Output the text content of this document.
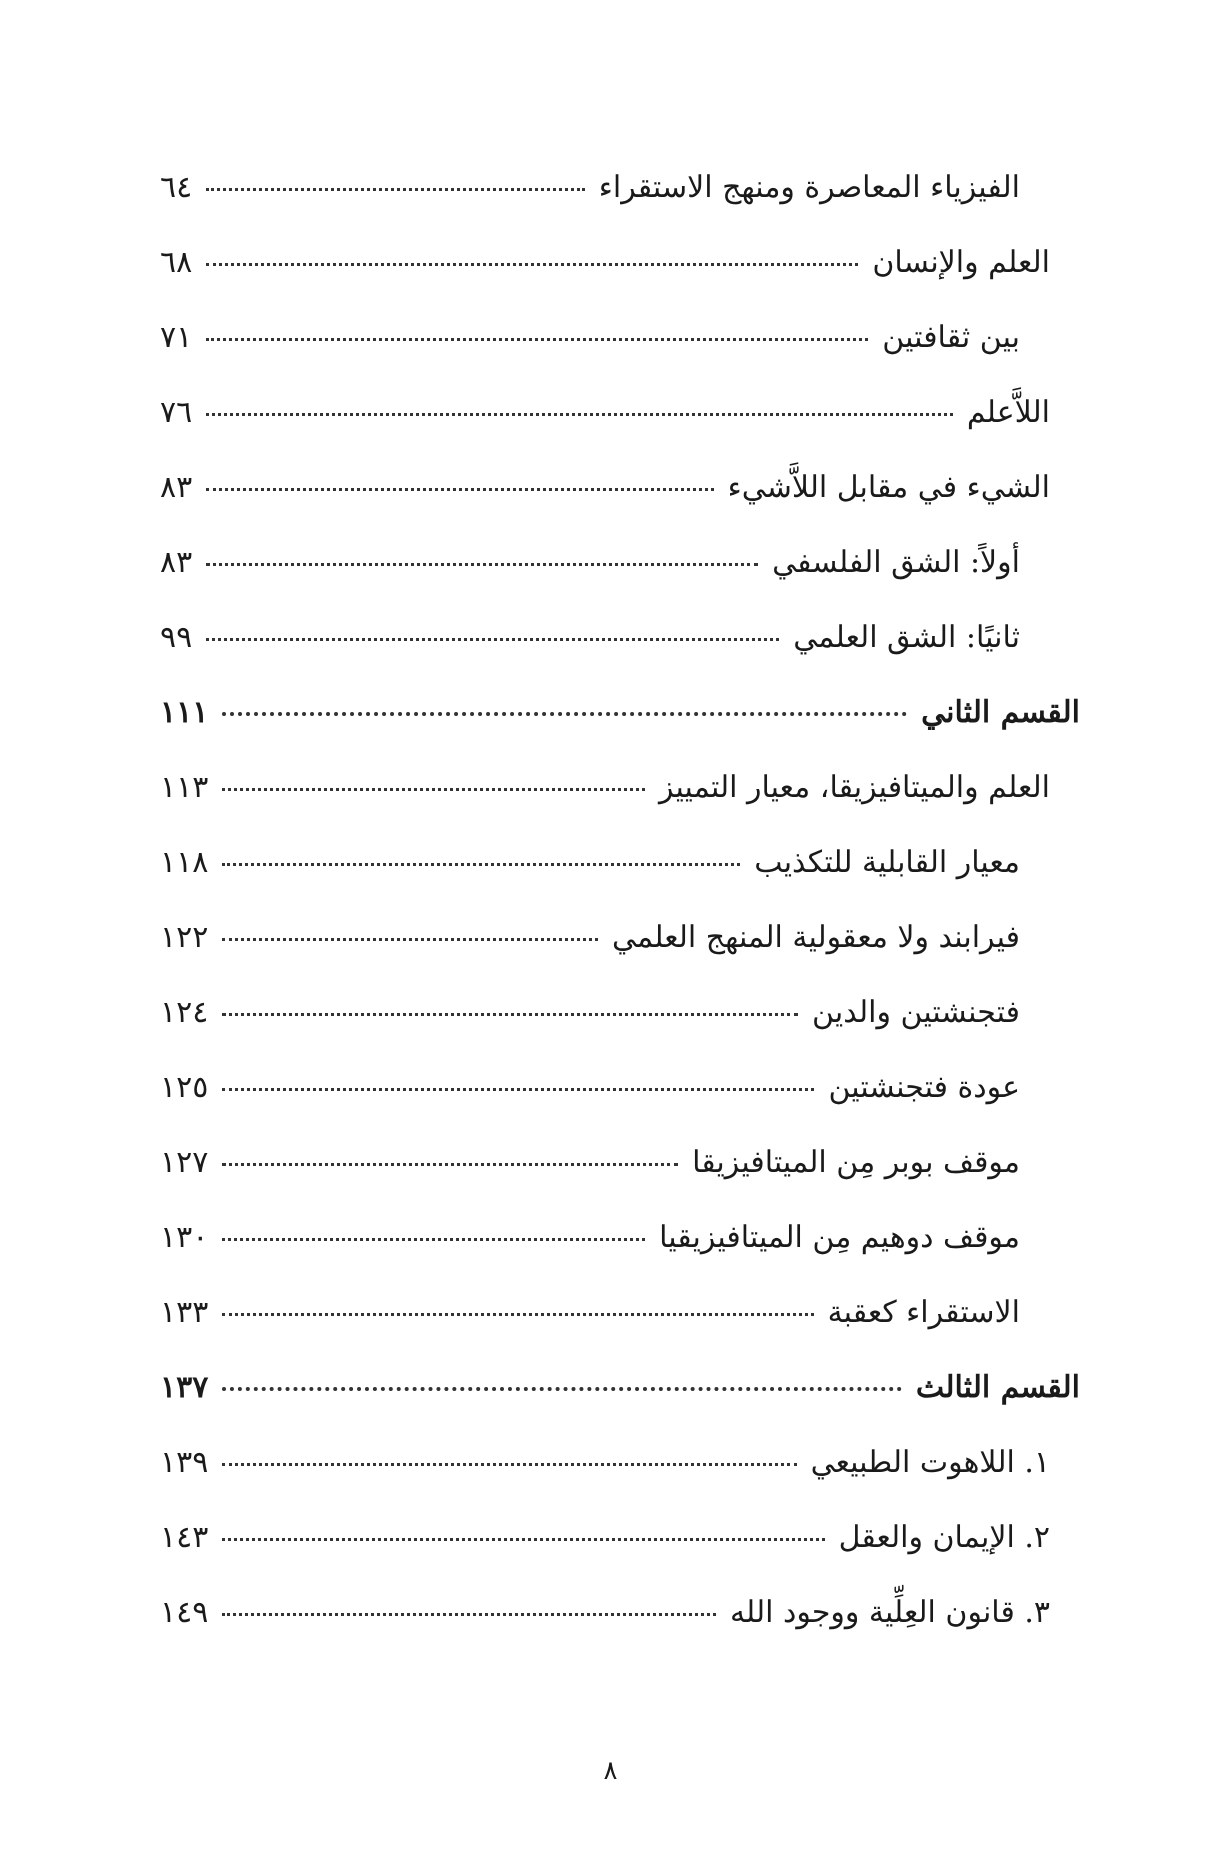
الفيزياء المعاصرة ومنهج الاستقراء
٦٤
العلم والإنسان
٦٨
بين ثقافتين
٧١
اللاَّعلم
٧٦
الشيء في مقابل اللاَّشيء
٨٣
أولاً: الشق الفلسفي
٨٣
ثانيًا: الشق العلمي
٩٩
القسم الثاني
١١١
العلم والميتافيزيقا، معيار التمييز
١١٣
معيار القابلية للتكذيب
١١٨
فيرابند ولا معقولية المنهج العلمي
١٢٢
فتجنشتين والدين
١٢٤
عودة فتجنشتين
١٢٥
موقف بوبر مِن الميتافيزيقا
١٢٧
موقف دوهيم مِن الميتافيزيقيا
١٣٠
الاستقراء كعقبة
١٣٣
القسم الثالث
١٣٧
١. اللاهوت الطبيعي
١٣٩
٢. الإيمان والعقل
١٤٣
٣. قانون العِلِّية ووجود الله
١٤٩
٨
